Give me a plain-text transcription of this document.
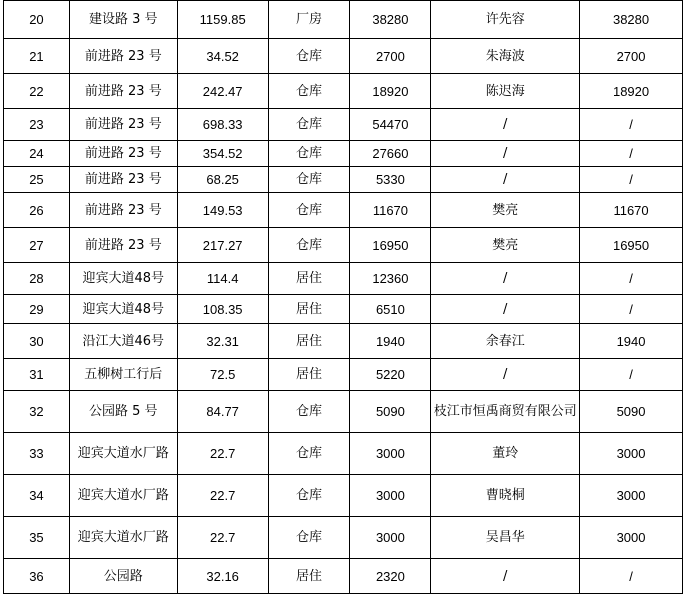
20	建设路 3 号	1159.85	厂房	38280	许先容	38280
21	前进路 23 号	34.52	仓库	2700	朱海波	2700
22	前进路 23 号	242.47	仓库	18920	陈迟海	18920
23	前进路 23 号	698.33	仓库	54470	/	/
24	前进路 23 号	354.52	仓库	27660	/	/
25	前进路 23 号	68.25	仓库	5330	/	/
26	前进路 23 号	149.53	仓库	11670	樊亮	11670
27	前进路 23 号	217.27	仓库	16950	樊亮	16950
28	迎宾大道48号	114.4	居住	12360	/	/
29	迎宾大道48号	108.35	居住	6510	/	/
30	沿江大道46号	32.31	居住	1940	余春江	1940
31	五柳树工行后	72.5	居住	5220	/	/
32	公园路 5 号	84.77	仓库	5090	枝江市恒禹商贸有限公司	5090
33	迎宾大道水厂路	22.7	仓库	3000	董玲	3000
34	迎宾大道水厂路	22.7	仓库	3000	曹晓桐	3000
35	迎宾大道水厂路	22.7	仓库	3000	吴昌华	3000
36	公园路	32.16	居住	2320	/	/
